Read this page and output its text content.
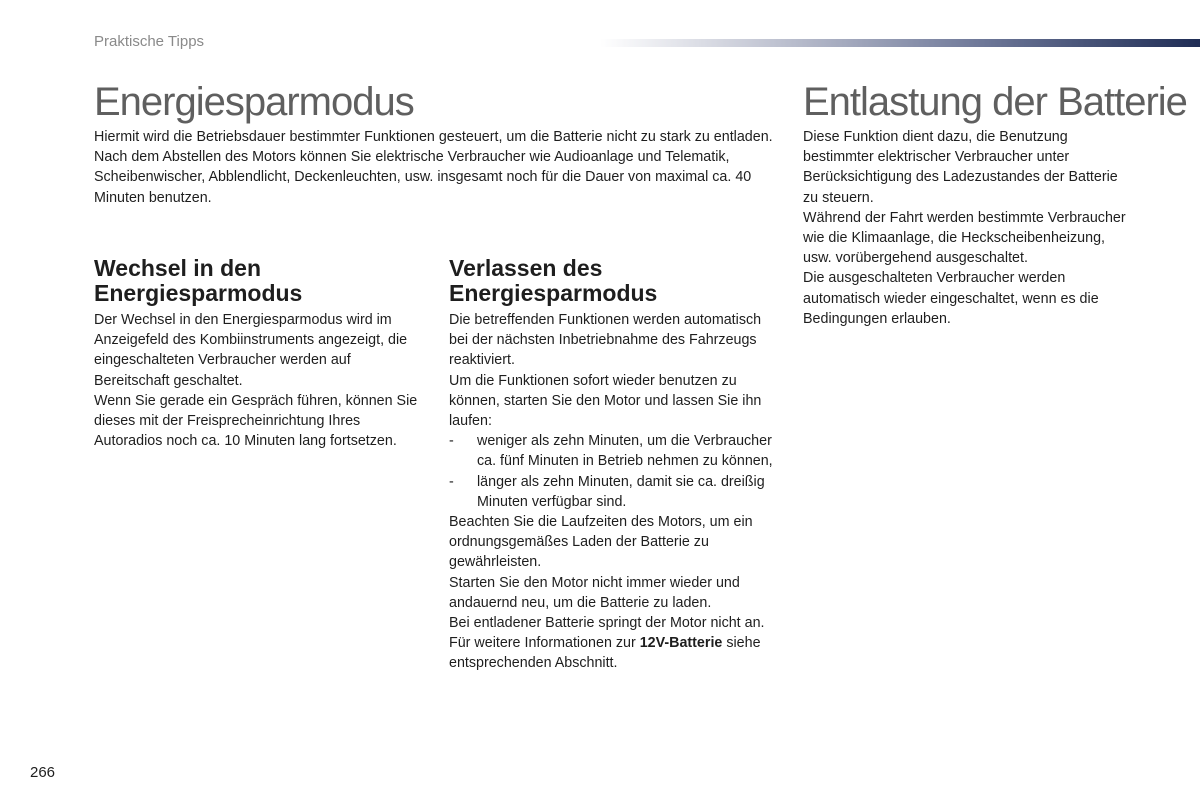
Praktische Tipps
Energiesparmodus

Hiermit wird die Betriebsdauer bestimmter Funktionen gesteuert, um die Batterie nicht zu stark zu entladen.

Nach dem Abstellen des Motors können Sie elektrische Verbraucher wie Audioanlage und Telematik, Scheibenwischer, Abblendlicht, Deckenleuchten, usw. insgesamt noch für die Dauer von maximal ca. 40 Minuten benutzen.

Wechsel in den Energiesparmodus

Der Wechsel in den Energiesparmodus wird im Anzeigefeld des Kombiinstruments angezeigt, die eingeschalteten Verbraucher werden auf Bereitschaft geschaltet.

Wenn Sie gerade ein Gespräch führen, können Sie dieses mit der Freisprecheinrichtung Ihres Autoradios noch ca. 10 Minuten lang fortsetzen.

Verlassen des Energiesparmodus

Die betreffenden Funktionen werden automatisch bei der nächsten Inbetriebnahme des Fahrzeugs reaktiviert.

Um die Funktionen sofort wieder benutzen zu können, starten Sie den Motor und lassen Sie ihn laufen:

-	weniger als zehn Minuten, um die Verbraucher ca. fünf Minuten in Betrieb nehmen zu können,
-	länger als zehn Minuten, damit sie ca. dreißig Minuten verfügbar sind.

Beachten Sie die Laufzeiten des Motors, um ein ordnungsgemäßes Laden der Batterie zu gewährleisten.

Starten Sie den Motor nicht immer wieder und andauernd neu, um die Batterie zu laden.

Bei entladener Batterie springt der Motor nicht an.

Für weitere Informationen zur 12V-Batterie siehe entsprechenden Abschnitt.

Entlastung der Batterie

Diese Funktion dient dazu, die Benutzung bestimmter elektrischer Verbraucher unter Berücksichtigung des Ladezustandes der Batterie zu steuern.

Während der Fahrt werden bestimmte Verbraucher wie die Klimaanlage, die Heckscheibenheizung, usw. vorübergehend ausgeschaltet.

Die ausgeschalteten Verbraucher werden automatisch wieder eingeschaltet, wenn es die Bedingungen erlauben.

266
